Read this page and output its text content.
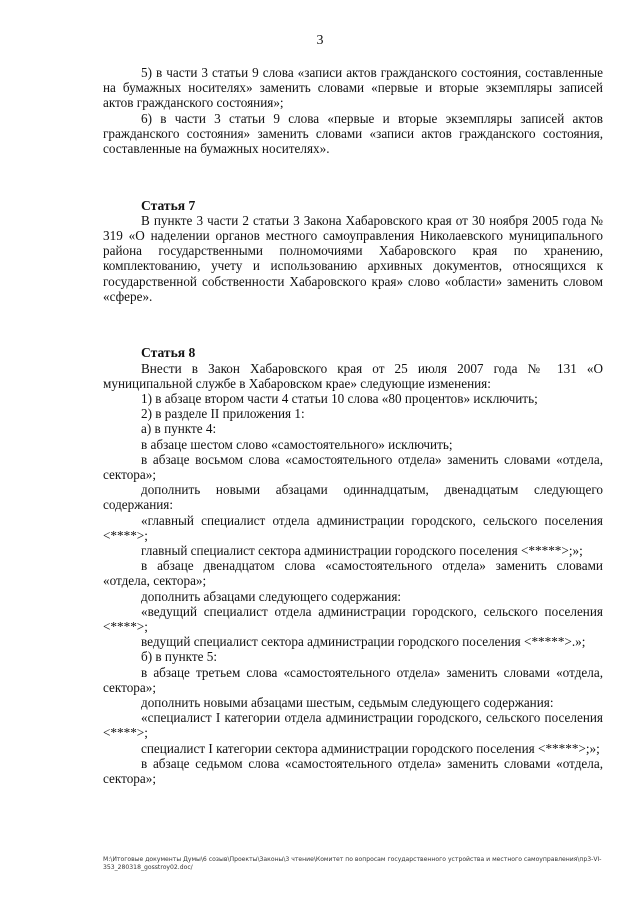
3

5) в части 3 статьи 9 слова «записи актов гражданского состояния, составленные на бумажных носителях» заменить словами «первые и вторые экземпляры записей актов гражданского состояния»;

6) в части 3 статьи 9 слова «первые и вторые экземпляры записей актов гражданского состояния» заменить словами «записи актов гражданского состояния, составленные на бумажных носителях».

Статья 7

В пункте 3 части 2 статьи 3 Закона Хабаровского края от 30 ноября 2005 года № 319 «О наделении органов местного самоуправления Николаевского муниципального района государственными полномочиями Хабаровского края по хранению, комплектованию, учету и использованию архивных документов, относящихся к государственной собственности Хабаровского края» слово «области» заменить словом «сфере».

Статья 8

Внести в Закон Хабаровского края от 25 июля 2007 года № 131 «О муниципальной службе в Хабаровском крае» следующие изменения:

1) в абзаце втором части 4 статьи 10 слова «80 процентов» исключить;

2) в разделе II приложения 1:

а) в пункте 4:

в абзаце шестом слово «самостоятельного» исключить;

в абзаце восьмом слова «самостоятельного отдела» заменить словами «отдела, сектора»;

дополнить новыми абзацами одиннадцатым, двенадцатым следующего содержания:

«главный специалист отдела администрации городского, сельского поселения <****>;

главный специалист сектора администрации городского поселения <*****>;»;

в абзаце двенадцатом слова «самостоятельного отдела» заменить словами «отдела, сектора»;

дополнить абзацами следующего содержания:

«ведущий специалист отдела администрации городского, сельского поселения <****>;

ведущий специалист сектора администрации городского поселения <*****>.»;

б) в пункте 5:

в абзаце третьем слова «самостоятельного отдела» заменить словами «отдела, сектора»;

дополнить новыми абзацами шестым, седьмым следующего содержания:

«специалист I категории отдела администрации городского, сельского поселения <****>;

специалист I категории сектора администрации городского поселения <*****>;»;

в абзаце седьмом слова «самостоятельного отдела» заменить словами «отдела, сектора»;

M:\Итоговые документы Думы\6 созыв\Проекты\Законы\3 чтение\Комитет по вопросам государственного устройства и местного самоуправления\пр3-VI-353_280318_gosstroy02.doc/
